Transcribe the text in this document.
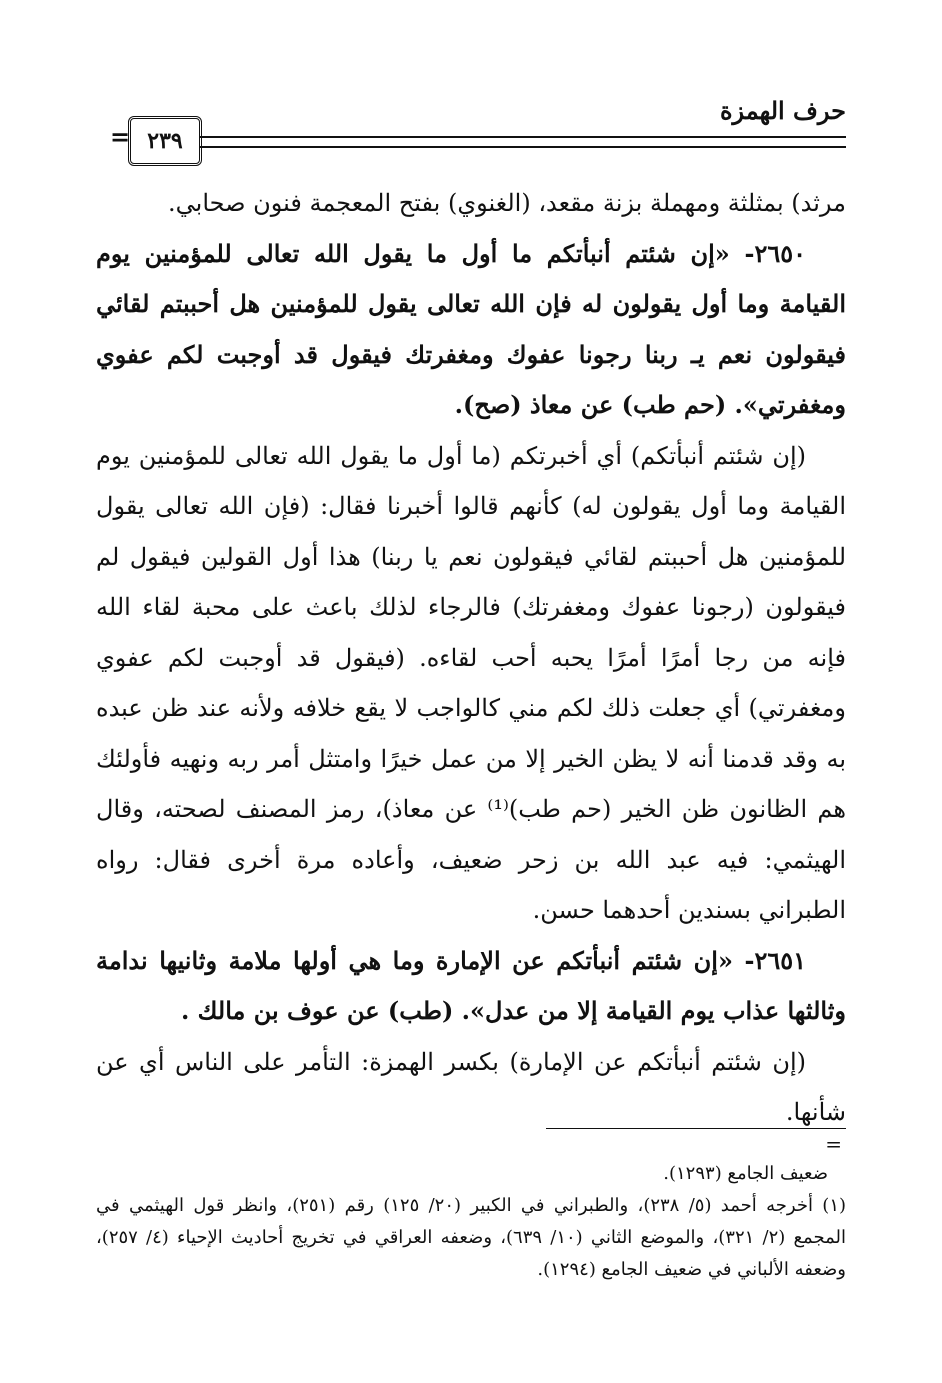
حرف الهمزة
٢٣٩
=

مرثد) بمثلثة ومهملة بزنة مقعد، (الغنوي) بفتح المعجمة فنون صحابي.

٢٦٥٠- «إن شئتم أنبأتكم ما أول ما يقول الله تعالى للمؤمنين يوم القيامة وما أول يقولون له فإن الله تعالى يقول للمؤمنين هل أحببتم لقائي فيقولون نعم يـ ربنا رجونا عفوك ومغفرتك فيقول قد أوجبت لكم عفوي ومغفرتي». (حم طب) عن معاذ (صح).

(إن شئتم أنبأتكم) أي أخبرتكم (ما أول ما يقول الله تعالى للمؤمنين يوم القيامة وما أول يقولون له) كأنهم قالوا أخبرنا فقال: (فإن الله تعالى يقول للمؤمنين هل أحببتم لقائي فيقولون نعم يا ربنا) هذا أول القولين فيقول لم فيقولون (رجونا عفوك ومغفرتك) فالرجاء لذلك باعث على محبة لقاء الله فإنه من رجا أمرًا أمرًا يحبه أحب لقاءه. (فيقول قد أوجبت لكم عفوي ومغفرتي) أي جعلت ذلك لكم مني كالواجب لا يقع خلافه ولأنه عند ظن عبده به وقد قدمنا أنه لا يظن الخير إلا من عمل خيرًا وامتثل أمر ربه ونهيه فأولئك هم الظانون ظن الخير (حم طب)⁽¹⁾ عن معاذ)، رمز المصنف لصحته، وقال الهيثمي: فيه عبد الله بن زحر ضعيف، وأعاده مرة أخرى فقال: رواه الطبراني بسندين أحدهما حسن.

٢٦٥١- «إن شئتم أنبأتكم عن الإمارة وما هي أولها ملامة وثانيها ندامة وثالثها عذاب يوم القيامة إلا من عدل». (طب) عن عوف بن مالك .

(إن شئتم أنبأتكم عن الإمارة) بكسر الهمزة: التأمر على الناس أي عن شأنها.

=

ضعيف الجامع (١٢٩٣).

(١) أخرجه أحمد (٥/ ٢٣٨)، والطبراني في الكبير (٢٠/ ١٢٥) رقم (٢٥١)، وانظر قول الهيثمي في المجمع (٢/ ٣٢١)، والموضع الثاني (١٠/ ٦٣٩)، وضعفه العراقي في تخريج أحاديث الإحياء (٤/ ٢٥٧)، وضعفه الألباني في ضعيف الجامع (١٢٩٤).
